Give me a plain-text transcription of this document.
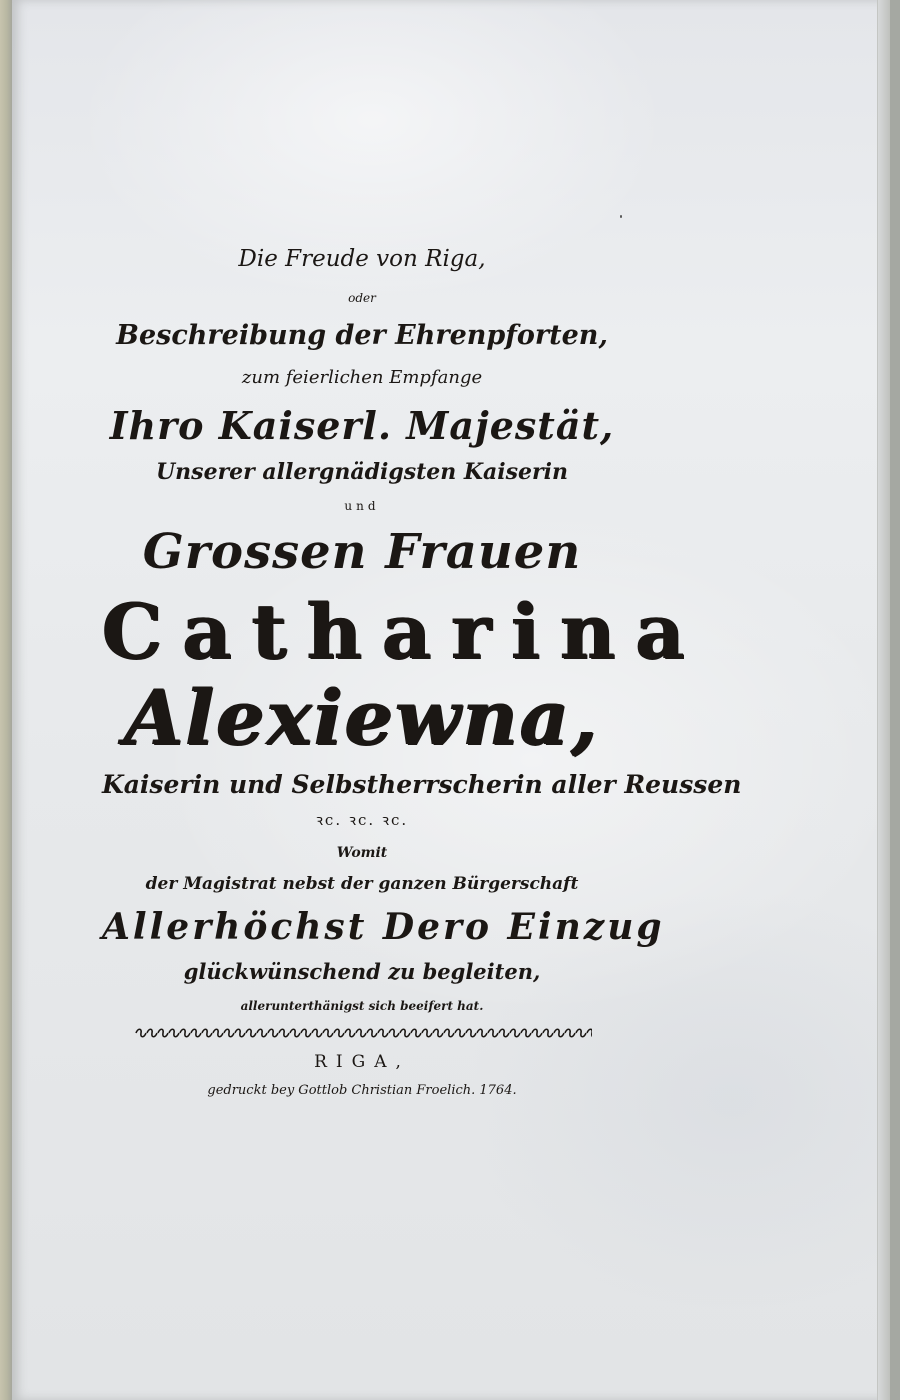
Die Freude von Riga,
oder
Beschreibung der Ehrenpforten,
zum feierlichen Empfange
Ihro Kaiserl. Majestät,
Unserer allergnädigsten Kaiserin
und
Grossen Frauen
Catharina
Alexiewna,
Kaiserin und Selbstherrscherin aller Reussen
ꝛc. ꝛc. ꝛc.
Womit
der Magistrat nebst der ganzen Bürgerschaft
Allerhöchst Dero Einzug
glückwünschend zu begleiten,
allerunterthänigst sich beeifert hat.
RIGA,
gedruckt bey Gottlob Christian Froelich. 1764.
